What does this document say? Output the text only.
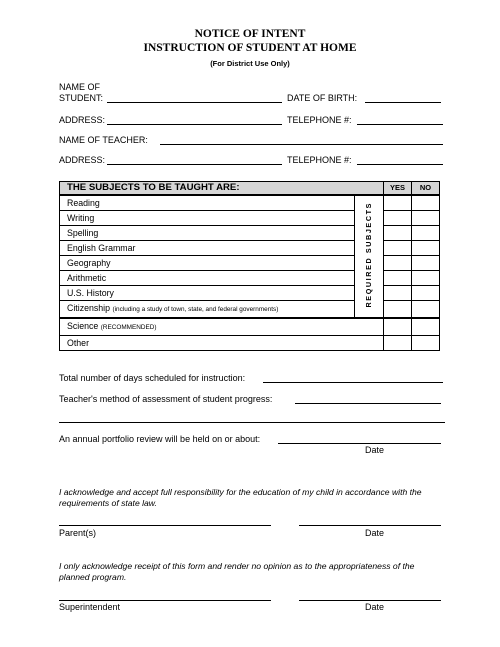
NOTICE OF INTENT
INSTRUCTION OF STUDENT AT HOME
(For District Use Only)
NAME OF
STUDENT:	DATE OF BIRTH:
ADDRESS:	TELEPHONE #:
NAME OF TEACHER:
ADDRESS:	TELEPHONE #:
THE SUBJECTS TO BE TAUGHT ARE:		YES	NO
Reading	REQUIRED SUBJECTS		
Writing			
Spelling			
English Grammar			
Geography			
Arithmetic			
U.S. History			
Citizenship (including a study of town, state, and federal governments)			
Science (RECOMMENDED)			
Other			
Total number of days scheduled for instruction:
Teacher's method of assessment of student progress:
An annual portfolio review will be held on or about:
Date
I acknowledge and accept full responsibility for the education of my child in accordance with the requirements of state law.
Parent(s)	Date
I only acknowledge receipt of this form and render no opinion as to the appropriateness of the planned program.
Superintendent	Date
